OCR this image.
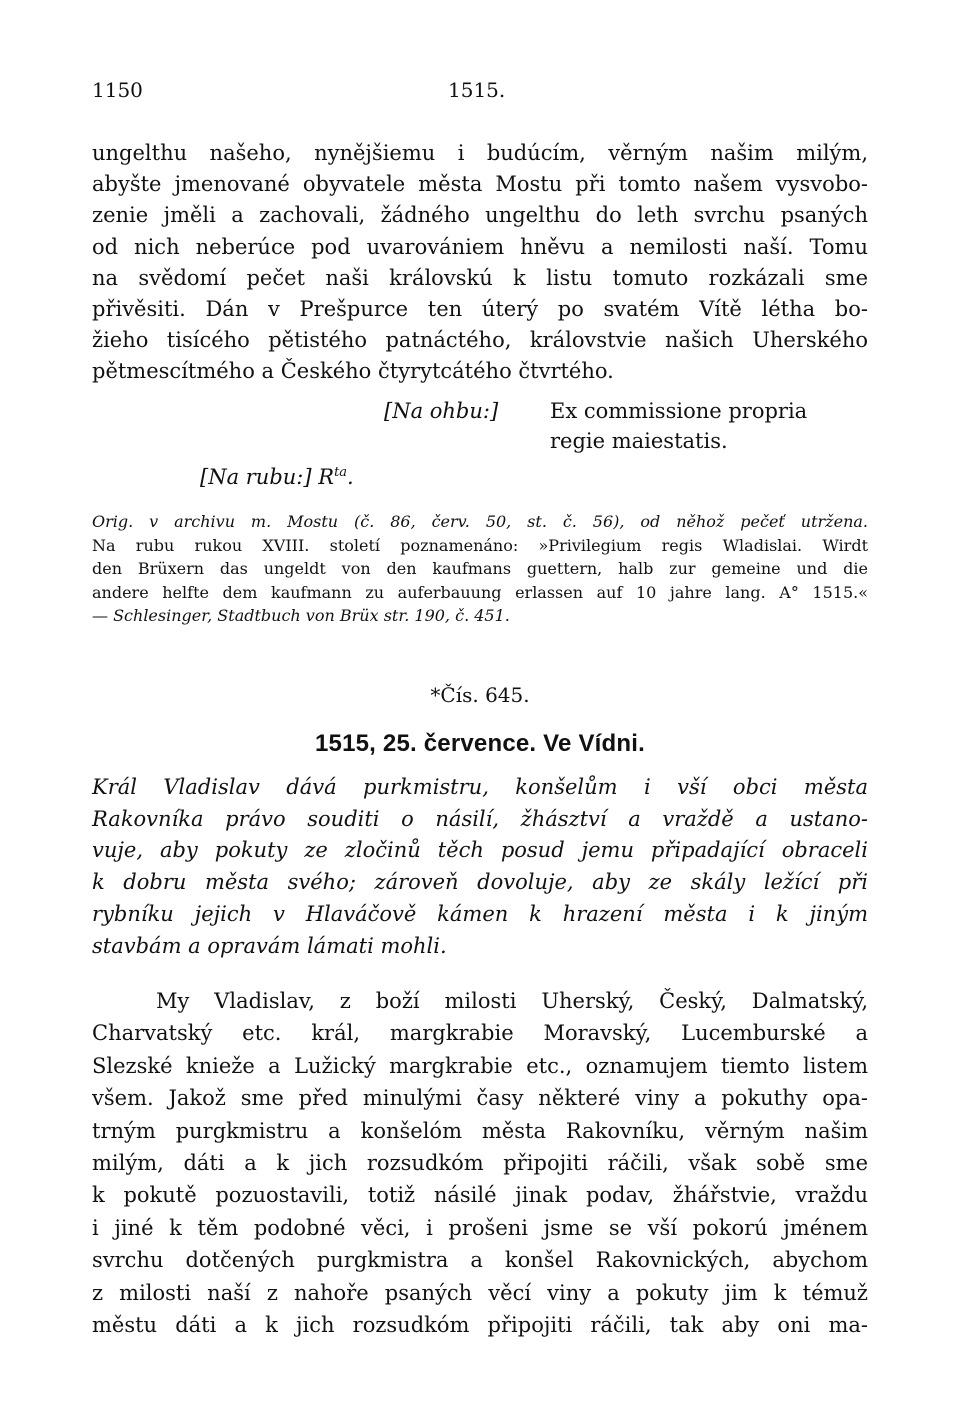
1150	1515.
ungelthu našeho, nynějšiemu i budúcím, věrným našim milým,
abyšte jmenované obyvatele města Mostu při tomto našem vysvobo-
zenie jměli a zachovali, žádného ungelthu do leth svrchu psaných
od nich neberúce pod uvarovániem hněvu a nemilosti naší. Tomu
na svědomí pečet naši královskú k listu tomuto rozkázali sme
přivěsiti. Dán v Prešpurce ten úterý po svatém Vítě létha bo-
žieho tisícého pětistého patnáctého, královstvie našich Uherského
pětmescítmého a Českého čtyrytcátého čtvrtého.
[Na ohbu:] Ex commissione propria
regie maiestatis.
[Na rubu:] $R^{ta}$.
Orig. v archivu m. Mostu (č. 86, červ. 50, st. č. 56), od něhož pečeť utržena.
Na rubu rukou XVIII. století poznamenáno: »Privilegium regis Wladislai. Wirdt
den Brüxern das ungeldt von den kaufmans guettern, halb zur gemeine und die
andere helfte dem kaufmann zu auferbauung erlassen auf 10 jahre lang. A° 1515.«
— Schlesinger, Stadtbuch von Brüx str. 190, č. 451.
*Čís. 645.
1515, 25. července. Ve Vídni.
Král Vladislav dává purkmistru, konšelům i vší obci města
Rakovníka právo souditi o násilí, žhásztví a vraždě a ustano-
vuje, aby pokuty ze zločinů těch posud jemu připadající obraceli
k dobru města svého; zároveň dovoluje, aby ze skály ležící při
rybníku jejich v Hlaváčově kámen k hrazení města i k jiným
stavbám a opravám lámati mohli.
My Vladislav, z boží milosti Uherský, Český, Dalmatský,
Charvatský etc. král, margkrabie Moravský, Lucemburské a
Slezské knieže a Lužický margkrabie etc., oznamujem tiemto listem
všem. Jakož sme před minulými časy některé viny a pokuthy opa-
trným purgkmistru a konšelóm města Rakovníku, věrným našim
milým, dáti a k jich rozsudkóm připojiti ráčili, však sobě sme
k pokutě pozuostavili, totiž násilé jinak podav, žhářstvie, vraždu
i jiné k těm podobné věci, i prošeni jsme se vší pokorú jménem
svrchu dotčených purgkmistra a konšel Rakovnických, abychom
z milosti naší z nahoře psaných věcí viny a pokuty jim k témuž
městu dáti a k jich rozsudkóm připojiti ráčili, tak aby oni ma-
